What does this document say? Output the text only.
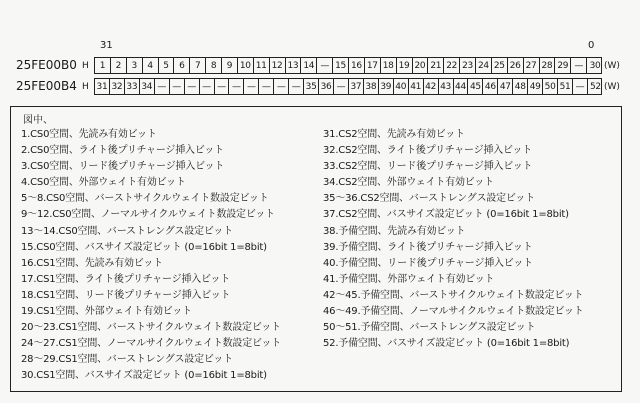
31	0
25FE00B0 H	1	2	3	4	5	6	7	8	9 10 11 12 13 14 — 15 16 17 18 19 20 21 22 23 24 25 26 27 28 29 — 30 (W)
25FE00B4 H 31 32 33 34 — — — — — — — — — — 35 36 — 37 38 39 40 41 42 43 44 45 46 47 48 49 50 51 — 52 (W)
図中、
1.CS0空間、先読み有効ビット
2.CS0空間、ライト後プリチャージ挿入ビット
3.CS0空間、リード後プリチャージ挿入ビット
4.CS0空間、外部ウェイト有効ビット
5〜8.CS0空間、バーストサイクルウェイト数設定ビット
9〜12.CS0空間、ノーマルサイクルウェイト数設定ビット
13〜14.CS0空間、バーストレングス設定ビット
15.CS0空間、バスサイズ設定ビット (0=16bit 1=8bit)
16.CS1空間、先読み有効ビット
17.CS1空間、ライト後プリチャージ挿入ビット
18.CS1空間、リード後プリチャージ挿入ビット
19.CS1空間、外部ウェイト有効ビット
20〜23.CS1空間、バーストサイクルウェイト数設定ビット
24〜27.CS1空間、ノーマルサイクルウェイト数設定ビット
28〜29.CS1空間、バーストレングス設定ビット
30.CS1空間、バスサイズ設定ビット (0=16bit 1=8bit)
31.CS2空間、先読み有効ビット
32.CS2空間、ライト後プリチャージ挿入ビット
33.CS2空間、リード後プリチャージ挿入ビット
34.CS2空間、外部ウェイト有効ビット
35〜36.CS2空間、バーストレングス設定ビット
37.CS2空間、バスサイズ設定ビット (0=16bit 1=8bit)
38.予備空間、先読み有効ビット
39.予備空間、ライト後プリチャージ挿入ビット
40.予備空間、リード後プリチャージ挿入ビット
41.予備空間、外部ウェイト有効ビット
42〜45.予備空間、バーストサイクルウェイト数設定ビット
46〜49.予備空間、ノーマルサイクルウェイト数設定ビット
50〜51.予備空間、バーストレングス設定ビット
52.予備空間、バスサイズ設定ビット (0=16bit 1=8bit)
